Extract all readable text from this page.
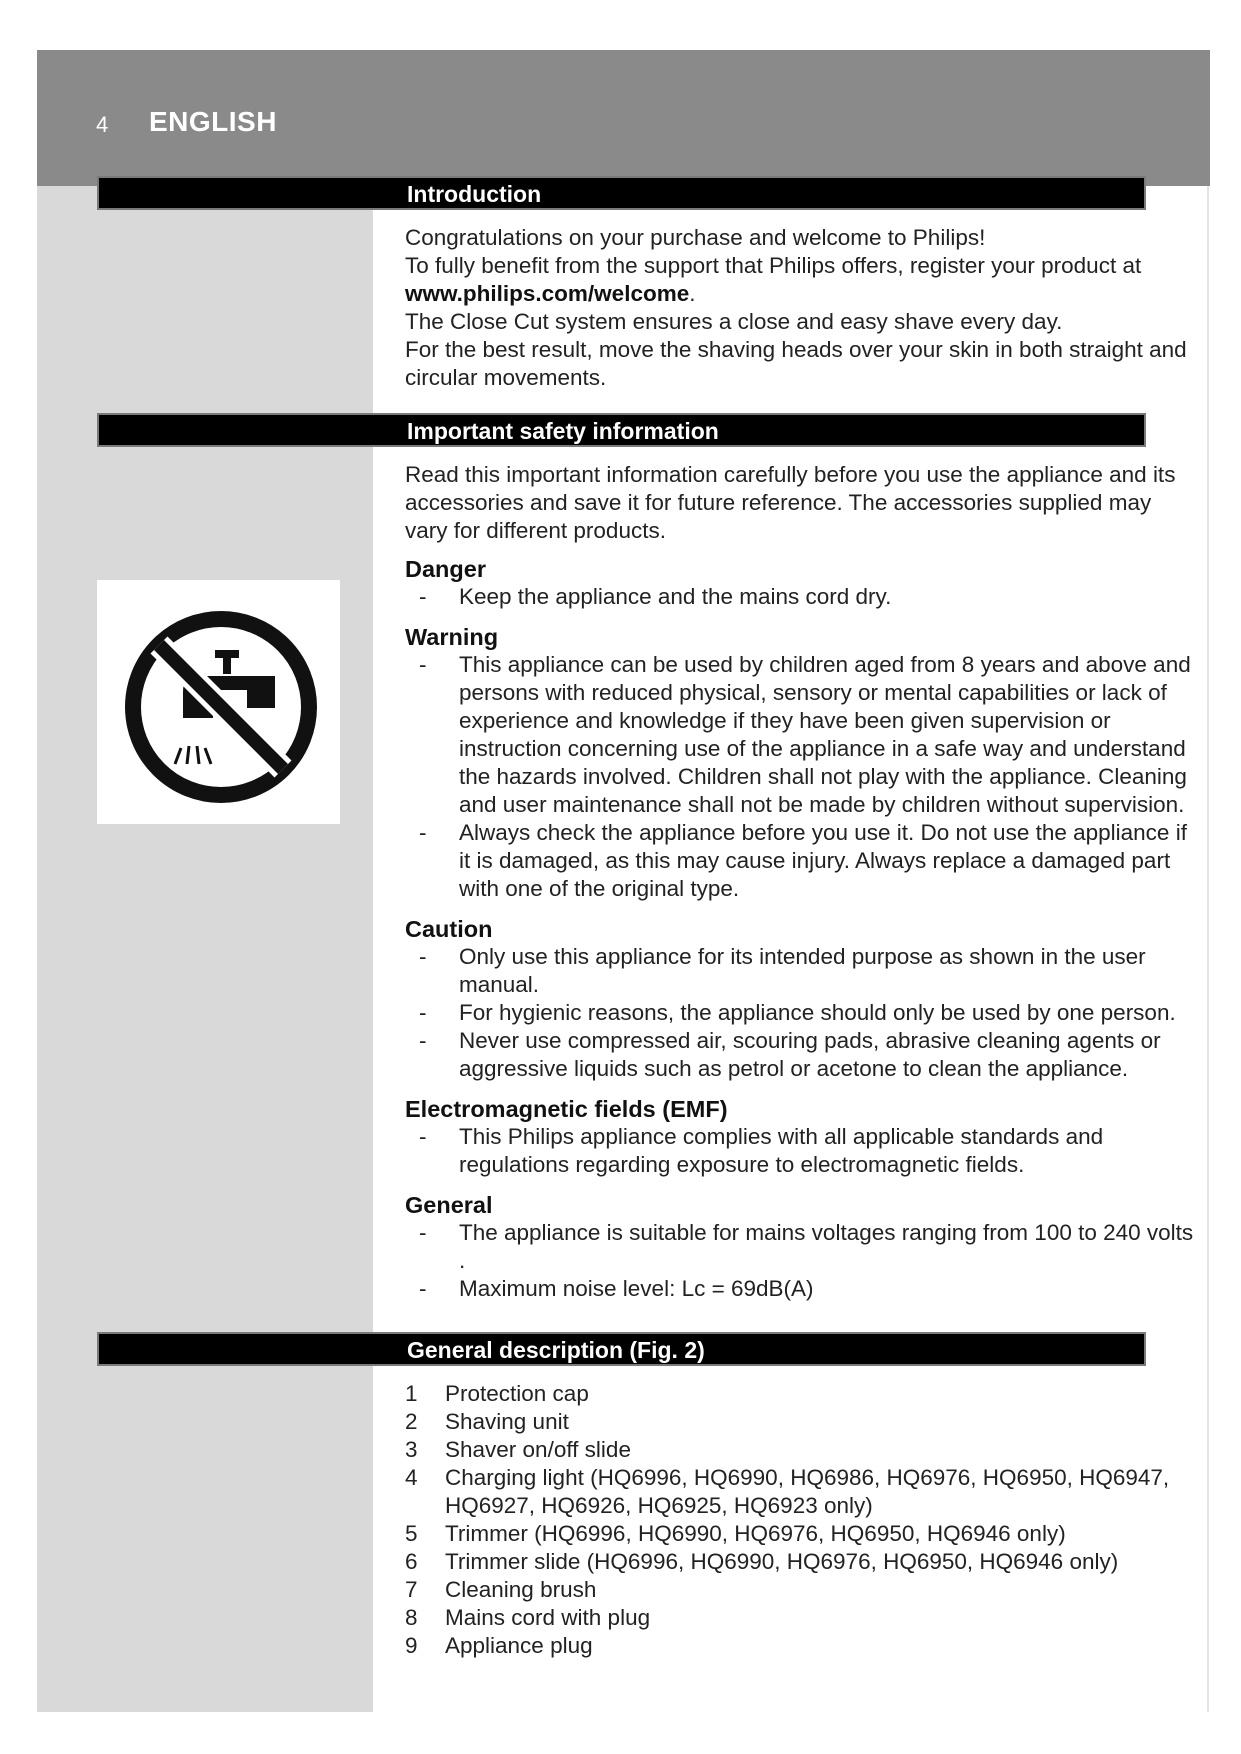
4 ENGLISH
Introduction

Congratulations on your purchase and welcome to Philips!

To fully benefit from the support that Philips offers, register your product at www.philips.com/welcome.

The Close Cut system ensures a close and easy shave every day.

For the best result, move the shaving heads over your skin in both straight and circular movements.

Important safety information

Read this important information carefully before you use the appliance and its accessories and save it for future reference. The accessories supplied may vary for different products.

Danger

- Keep the appliance and the mains cord dry.

Warning

- This appliance can be used by children aged from 8 years and above and persons with reduced physical, sensory or mental capabilities or lack of experience and knowledge if they have been given supervision or instruction concerning use of the appliance in a safe way and understand the hazards involved. Children shall not play with the appliance. Cleaning and user maintenance shall not be made by children without supervision.
- Always check the appliance before you use it. Do not use the appliance if it is damaged, as this may cause injury. Always replace a damaged part with one of the original type.

Caution

- Only use this appliance for its intended purpose as shown in the user manual.
- For hygienic reasons, the appliance should only be used by one person.
- Never use compressed air, scouring pads, abrasive cleaning agents or aggressive liquids such as petrol or acetone to clean the appliance.

Electromagnetic fields (EMF)

- This Philips appliance complies with all applicable standards and regulations regarding exposure to electromagnetic fields.

General

- The appliance is suitable for mains voltages ranging from 100 to 240 volts .
- Maximum noise level: Lc = 69dB(A)
General description (Fig. 2)
1 Protection cap
2 Shaving unit
3 Shaver on/off slide
4 Charging light (HQ6996, HQ6990, HQ6986, HQ6976, HQ6950, HQ6947, HQ6927, HQ6926, HQ6925, HQ6923 only)
5 Trimmer (HQ6996, HQ6990, HQ6976, HQ6950, HQ6946 only)
6 Trimmer slide (HQ6996, HQ6990, HQ6976, HQ6950, HQ6946 only)
7 Cleaning brush
8 Mains cord with plug
9 Appliance plug
